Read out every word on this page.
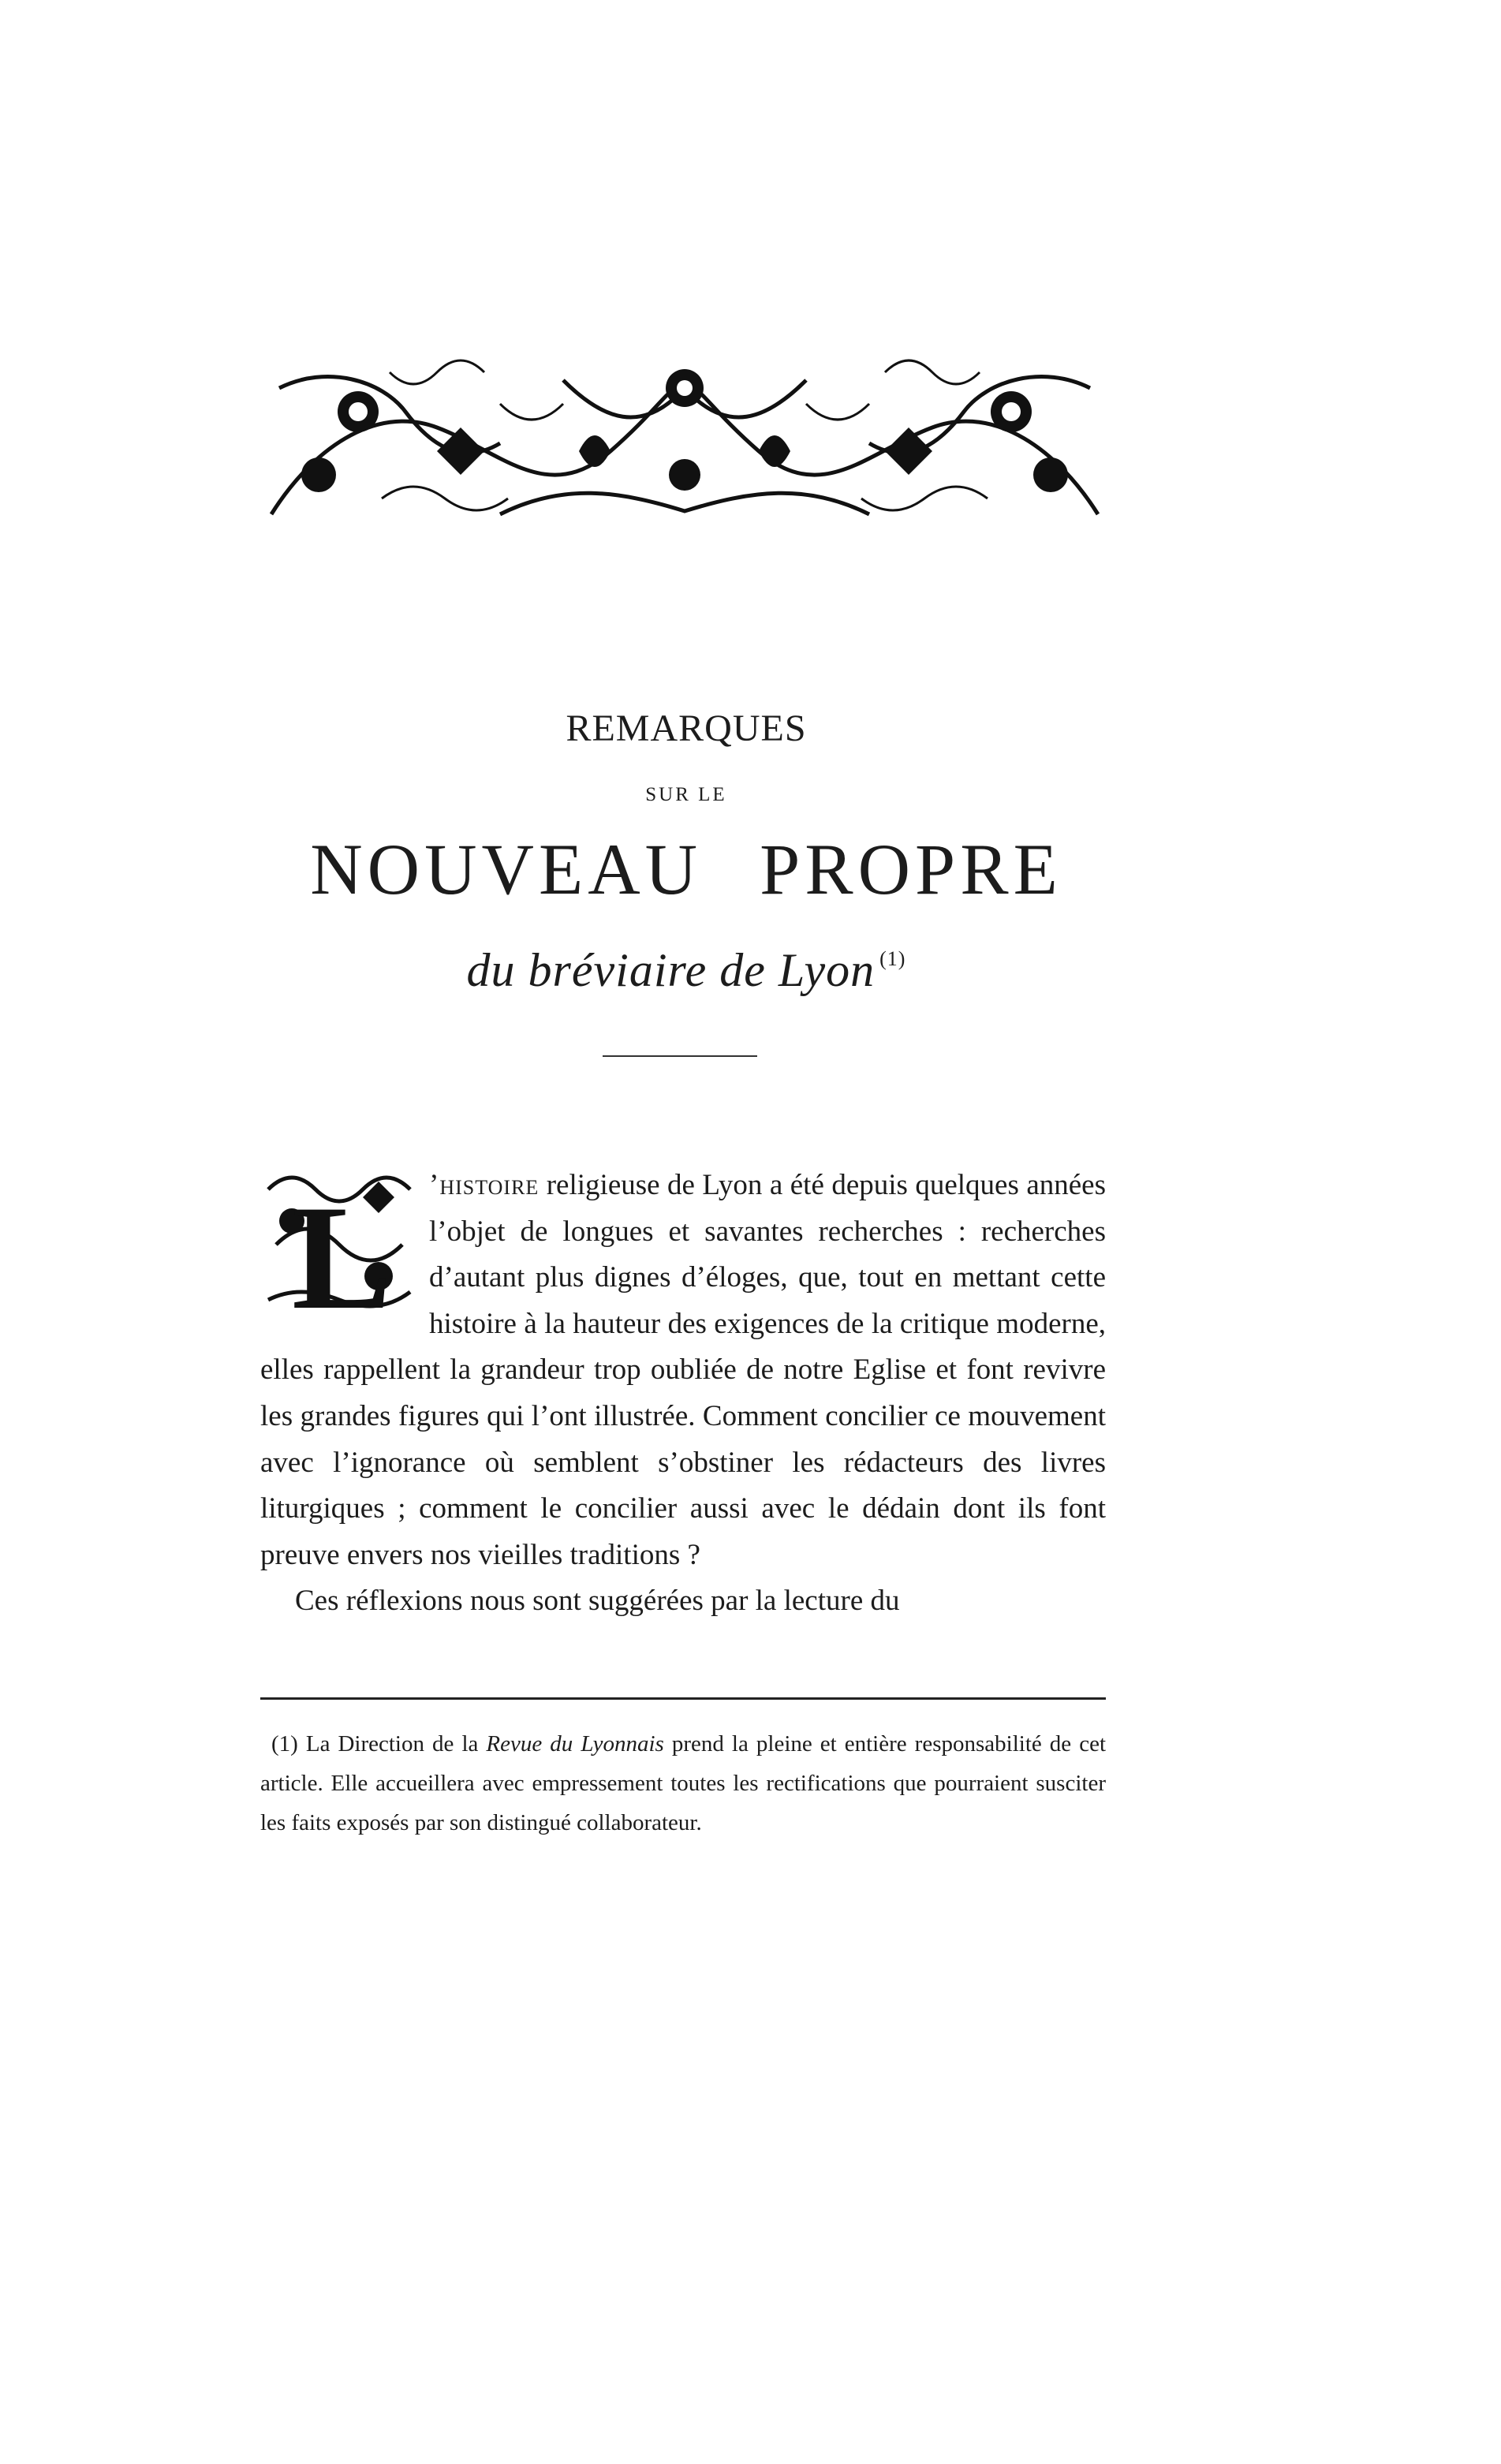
REMARQUES
SUR LE
NOUVEAU PROPRE
du bréviaire de Lyon $^{(1)}$

L ’histoire religieuse de Lyon a été depuis quelques années l’objet de longues et savantes recherches : recherches d’autant plus dignes d’éloges, que, tout en mettant cette histoire à la hauteur des exigences de la critique moderne, elles rappellent la grandeur trop oubliée de notre Eglise et font revivre les grandes figures qui l’ont illustrée. Comment concilier ce mouvement avec l’ignorance où semblent s’obstiner les rédacteurs des livres liturgiques ; comment le concilier aussi avec le dédain dont ils font preuve envers nos vieilles traditions ?

Ces réflexions nous sont suggérées par la lecture du

(1) La Direction de la Revue du Lyonnais prend la pleine et entière responsabilité de cet article. Elle accueillera avec empressement toutes les rectifications que pourraient susciter les faits exposés par son distingué collaborateur.
